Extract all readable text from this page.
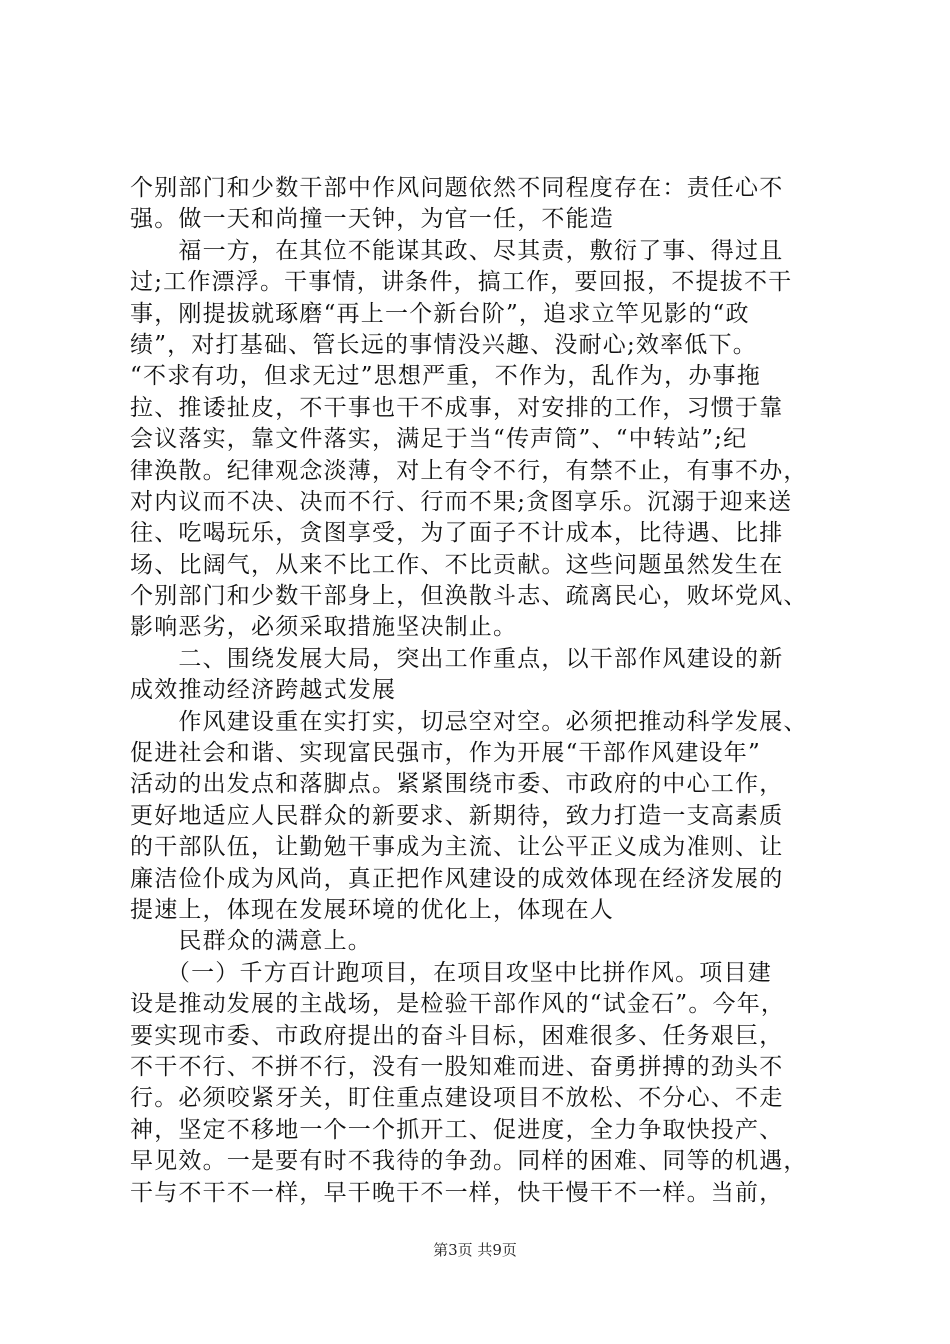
个别部门和少数干部中作风问题依然不同程度存在：责任心不
强。做一天和尚撞一天钟，为官一任，不能造
　　福一方，在其位不能谋其政、尽其责，敷衍了事、得过且
过;工作漂浮。干事情，讲条件，搞工作，要回报，不提拔不干
事，刚提拔就琢磨“再上一个新台阶”，追求立竿见影的“政
绩”，对打基础、管长远的事情没兴趣、没耐心;效率低下。
“不求有功，但求无过”思想严重，不作为，乱作为，办事拖
拉、推诿扯皮，不干事也干不成事，对安排的工作，习惯于靠
会议落实，靠文件落实，满足于当“传声筒”、“中转站”;纪
律涣散。纪律观念淡薄，对上有令不行，有禁不止，有事不办，
对内议而不决、决而不行、行而不果;贪图享乐。沉溺于迎来送
往、吃喝玩乐，贪图享受，为了面子不计成本，比待遇、比排
场、比阔气，从来不比工作、不比贡献。这些问题虽然发生在
个别部门和少数干部身上，但涣散斗志、疏离民心，败坏党风、
影响恶劣，必须采取措施坚决制止。
　　二、围绕发展大局，突出工作重点，以干部作风建设的新
成效推动经济跨越式发展
　　作风建设重在实打实，切忌空对空。必须把推动科学发展、
促进社会和谐、实现富民强市，作为开展“干部作风建设年”
活动的出发点和落脚点。紧紧围绕市委、市政府的中心工作，
更好地适应人民群众的新要求、新期待，致力打造一支高素质
的干部队伍，让勤勉干事成为主流、让公平正义成为准则、让
廉洁俭仆成为风尚，真正把作风建设的成效体现在经济发展的
提速上，体现在发展环境的优化上，体现在人
　　民群众的满意上。
　　（一）千方百计跑项目，在项目攻坚中比拼作风。项目建
设是推动发展的主战场，是检验干部作风的“试金石”。今年，
要实现市委、市政府提出的奋斗目标，困难很多、任务艰巨，
不干不行、不拼不行，没有一股知难而进、奋勇拼搏的劲头不
行。必须咬紧牙关，盯住重点建设项目不放松、不分心、不走
神，坚定不移地一个一个抓开工、促进度，全力争取快投产、
早见效。一是要有时不我待的争劲。同样的困难、同等的机遇，
干与不干不一样，早干晚干不一样，快干慢干不一样。当前，
第3页 共9页
